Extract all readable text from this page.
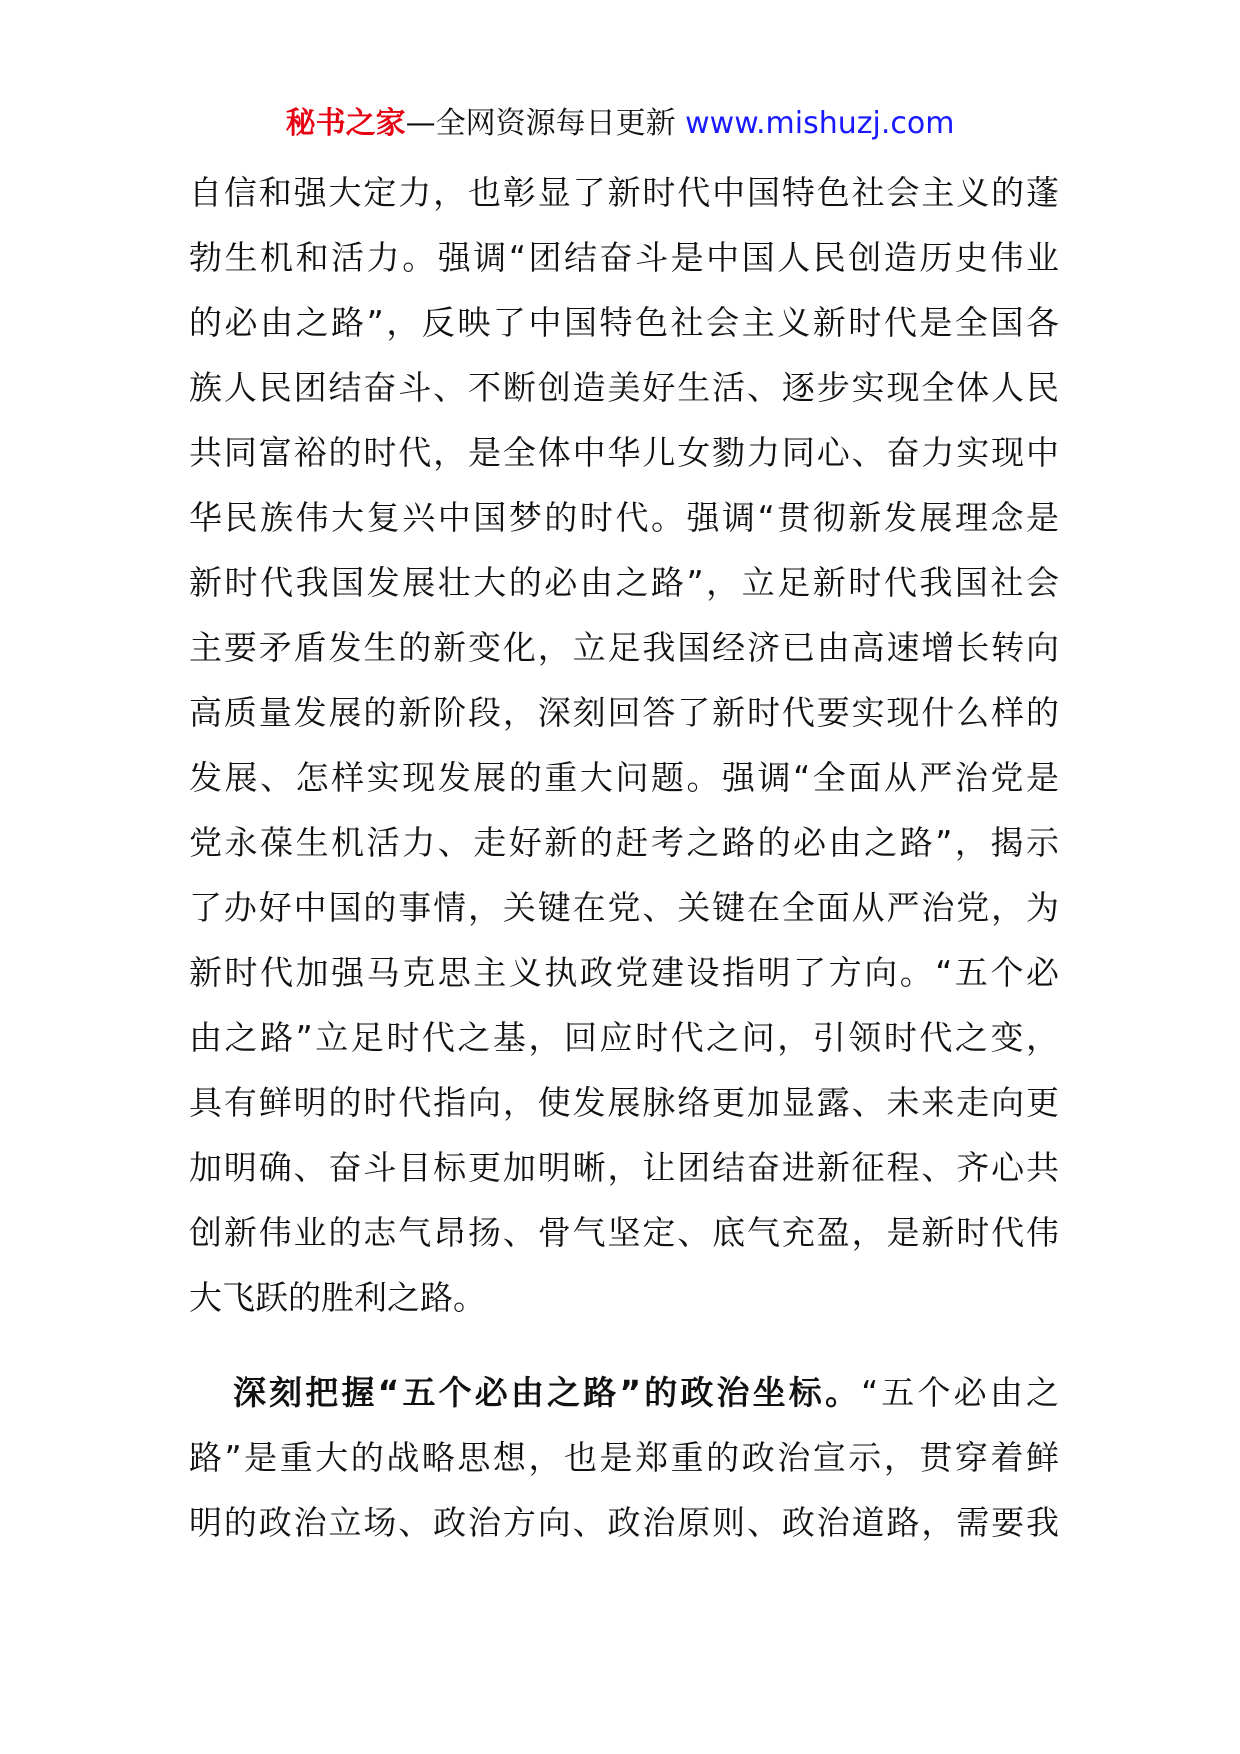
秘书之家—全网资源每日更新 www.mishuzj.com
自信和强大定力，也彰显了新时代中国特色社会主义的蓬
勃生机和活力。强调“团结奋斗是中国人民创造历史伟业
的必由之路”，反映了中国特色社会主义新时代是全国各
族人民团结奋斗、不断创造美好生活、逐步实现全体人民
共同富裕的时代，是全体中华儿女勠力同心、奋力实现中
华民族伟大复兴中国梦的时代。强调“贯彻新发展理念是
新时代我国发展壮大的必由之路”，立足新时代我国社会
主要矛盾发生的新变化，立足我国经济已由高速增长转向
高质量发展的新阶段，深刻回答了新时代要实现什么样的
发展、怎样实现发展的重大问题。强调“全面从严治党是
党永葆生机活力、走好新的赶考之路的必由之路”，揭示
了办好中国的事情，关键在党、关键在全面从严治党，为
新时代加强马克思主义执政党建设指明了方向。“五个必
由之路”立足时代之基，回应时代之问，引领时代之变，
具有鲜明的时代指向，使发展脉络更加显露、未来走向更
加明确、奋斗目标更加明晰，让团结奋进新征程、齐心共
创新伟业的志气昂扬、骨气坚定、底气充盈，是新时代伟
大飞跃的胜利之路。
深刻把握“五个必由之路”的政治坐标。“五个必由之
路”是重大的战略思想，也是郑重的政治宣示，贯穿着鲜
明的政治立场、政治方向、政治原则、政治道路，需要我
